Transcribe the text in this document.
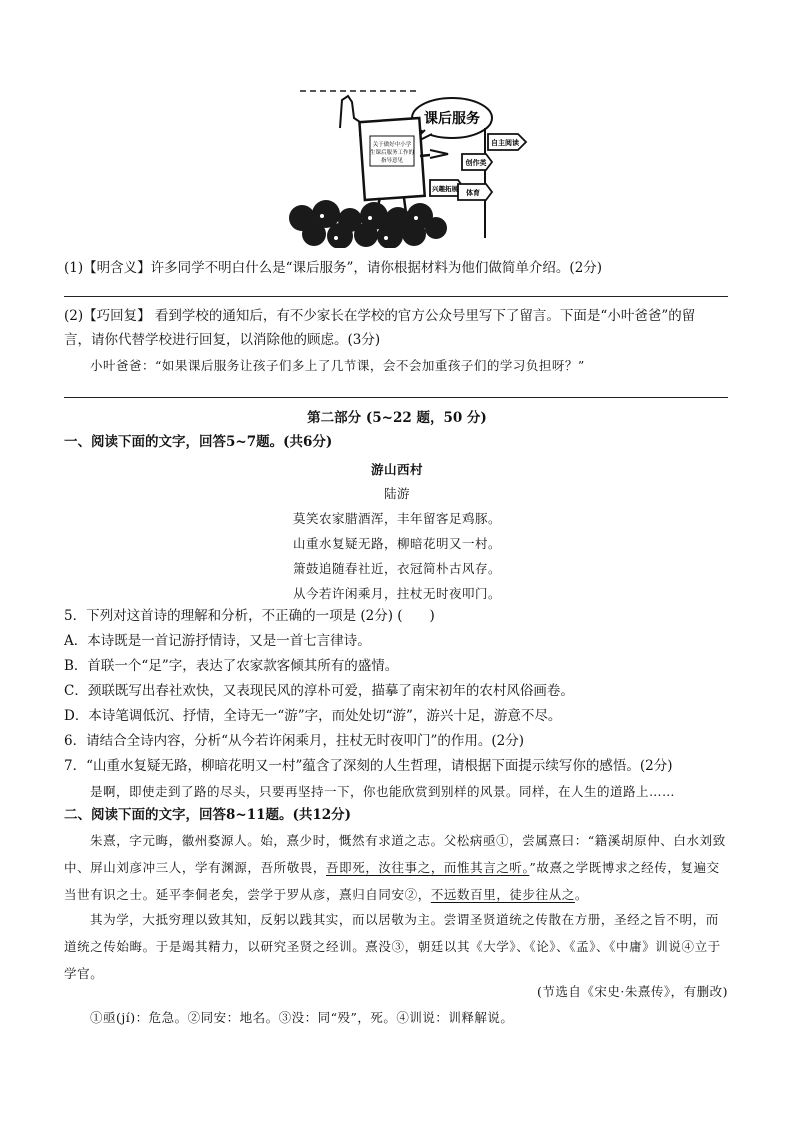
课后服务
关于做好中小学
生课后服务工作的
指导意见
自主阅读
创作类
兴趣拓展 体育
(1)【明含义】许多同学不明白什么是“课后服务”，请你根据材料为他们做简单介绍。(2分)
(2)【巧回复】 看到学校的通知后，有不少家长在学校的官方公众号里写下了留言。下面是“小叶爸爸”的留
言，请你代替学校进行回复，以消除他的顾虑。(3分)
小叶爸爸：“如果课后服务让孩子们多上了几节课，会不会加重孩子们的学习负担呀？”
第二部分 (5~22 题，50 分)
一、阅读下面的文字，回答5~7题。(共6分)
游山西村
陆游
莫笑农家腊酒浑，丰年留客足鸡豚。
山重水复疑无路，柳暗花明又一村。
箫鼓追随春社近，衣冠简朴古风存。
从今若许闲乘月，拄杖无时夜叩门。
5．下列对这首诗的理解和分析，不正确的一项是 (2分) (　　)
A．本诗既是一首记游抒情诗，又是一首七言律诗。
B．首联一个“足”字，表达了农家款客倾其所有的盛情。
C．颈联既写出春社欢快，又表现民风的淳朴可爱，描摹了南宋初年的农村风俗画卷。
D．本诗笔调低沉、抒情，全诗无一“游”字，而处处切“游”，游兴十足，游意不尽。
6．请结合全诗内容，分析“从今若许闲乘月，拄杖无时夜叩门”的作用。(2分)
7．“山重水复疑无路，柳暗花明又一村”蕴含了深刻的人生哲理，请根据下面提示续写你的感悟。(2分)
是啊，即使走到了路的尽头，只要再坚持一下，你也能欣赏到别样的风景。同样，在人生的道路上……
二、阅读下面的文字，回答8~11题。(共12分)
朱熹，字元晦，徽州婺源人。始，熹少时，慨然有求道之志。父松病亟①，尝属熹曰：“籍溪胡原仲、白水刘致中、屏山刘彦冲三人，学有渊源，吾所敬畏，吾即死，汝往事之，而惟其言之听。”故熹之学既博求之经传，复遍交当世有识之士。延平李侗老矣，尝学于罗从彦，熹归自同安②，不远数百里，徒步往从之。
其为学，大抵穷理以致其知，反躬以践其实，而以居敬为主。尝谓圣贤道统之传散在方册，圣经之旨不明，而道统之传始晦。于是竭其精力，以研究圣贤之经训。熹没③，朝廷以其《大学》、《论》、《孟》、《中庸》训说④立于学官。
(节选自《宋史·朱熹传》，有删改)
①亟(jí)：危急。②同安：地名。③没：同“殁”，死。④训说：训释解说。
